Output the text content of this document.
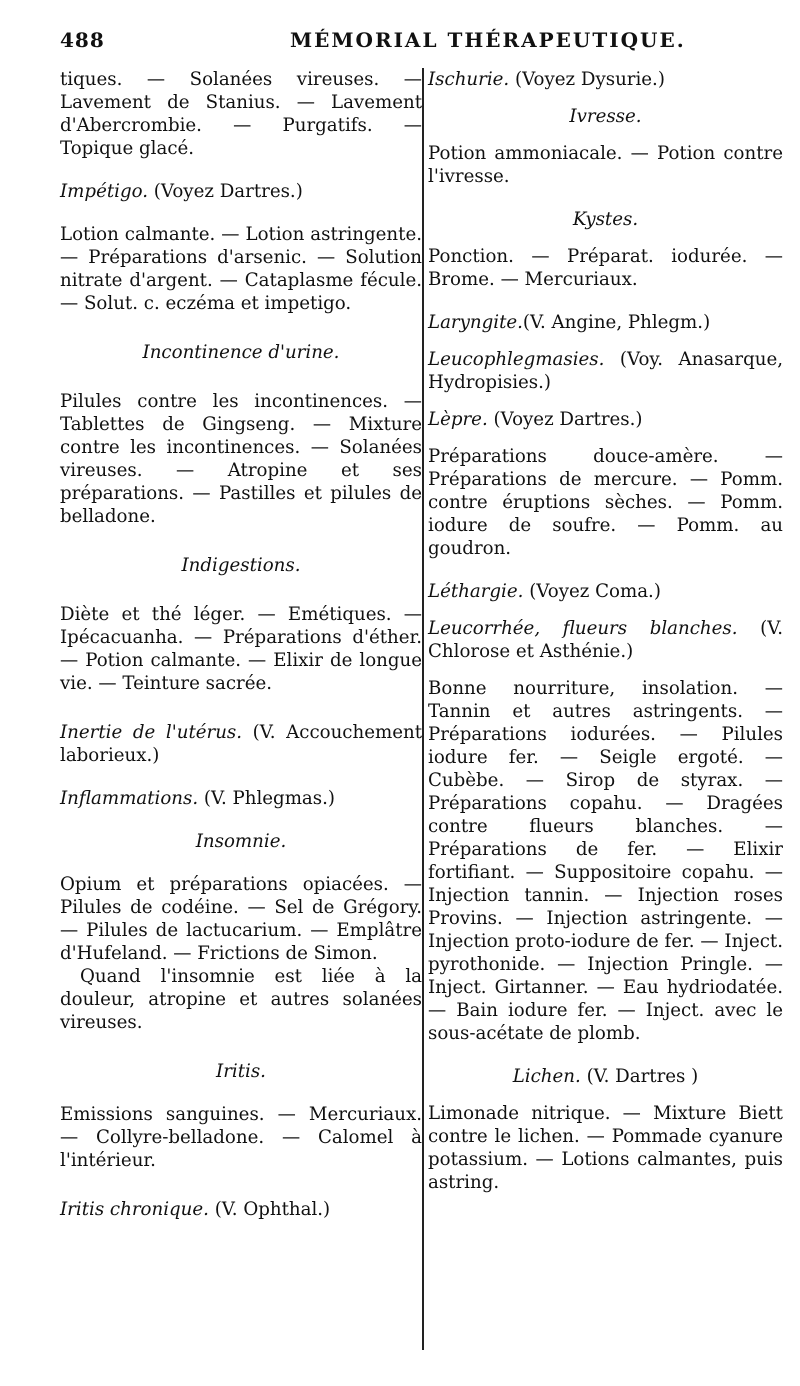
488	MÉMORIAL THÉRAPEUTIQUE.

tiques. — Solanées vireuses. — Lavement de Stanius. — Lavement d'Abercrombie. — Purgatifs. — Topique glacé.

Impétigo. (Voyez Dartres.)

Lotion calmante. — Lotion astringente.— Préparations d'arsenic. — Solution nitrate d'argent. — Cataplasme fécule. — Solut. c. eczéma et impetigo.

Incontinence d'urine.

Pilules contre les incontinences. — Tablettes de Gingseng. — Mixture contre les incontinences. — Solanées vireuses. — Atropine et ses préparations. — Pastilles et pilules de belladone.

Indigestions.

Diète et thé léger. — Emétiques. — Ipécacuanha. — Préparations d'éther. — Potion calmante. — Elixir de longue vie. — Teinture sacrée.

Inertie de l'utérus. (V. Accouchement laborieux.)

Inflammations. (V. Phlegmas.)

Insomnie.

Opium et préparations opiacées. — Pilules de codéine. — Sel de Grégory. — Pilules de lactucarium. — Emplâtre d'Hufeland. — Frictions de Simon.

Quand l'insomnie est liée à la douleur, atropine et autres solanées vireuses.

Iritis.

Emissions sanguines. — Mercuriaux. — Collyre-belladone. — Calomel à l'intérieur.

Iritis chronique. (V. Ophthal.)

Ischurie. (Voyez Dysurie.)

Ivresse.

Potion ammoniacale. — Potion contre l'ivresse.

Kystes.

Ponction. — Préparat. iodurée. — Brome. — Mercuriaux.

Laryngite.(V. Angine, Phlegm.)

Leucophlegmasies. (Voy. Anasarque, Hydropisies.)

Lèpre. (Voyez Dartres.)

Préparations douce-amère. — Préparations de mercure. — Pomm. contre éruptions sèches. — Pomm. iodure de soufre. — Pomm. au goudron.

Léthargie. (Voyez Coma.)

Leucorrhée, flueurs blanches. (V. Chlorose et Asthénie.)

Bonne nourriture, insolation. — Tannin et autres astringents. — Préparations iodurées. — Pilules iodure fer. — Seigle ergoté. — Cubèbe. — Sirop de styrax. — Préparations copahu. — Dragées contre flueurs blanches. — Préparations de fer. — Elixir fortifiant. — Suppositoire copahu. — Injection tannin. — Injection roses Provins. — Injection astringente. — Injection proto-iodure de fer. — Inject. pyrothonide. — Injection Pringle. — Inject. Girtanner. — Eau hydriodatée. — Bain iodure fer. — Inject. avec le sous-acétate de plomb.

Lichen. (V. Dartres )

Limonade nitrique. — Mixture Biett contre le lichen. — Pommade cyanure potassium. — Lotions calmantes, puis astring.
